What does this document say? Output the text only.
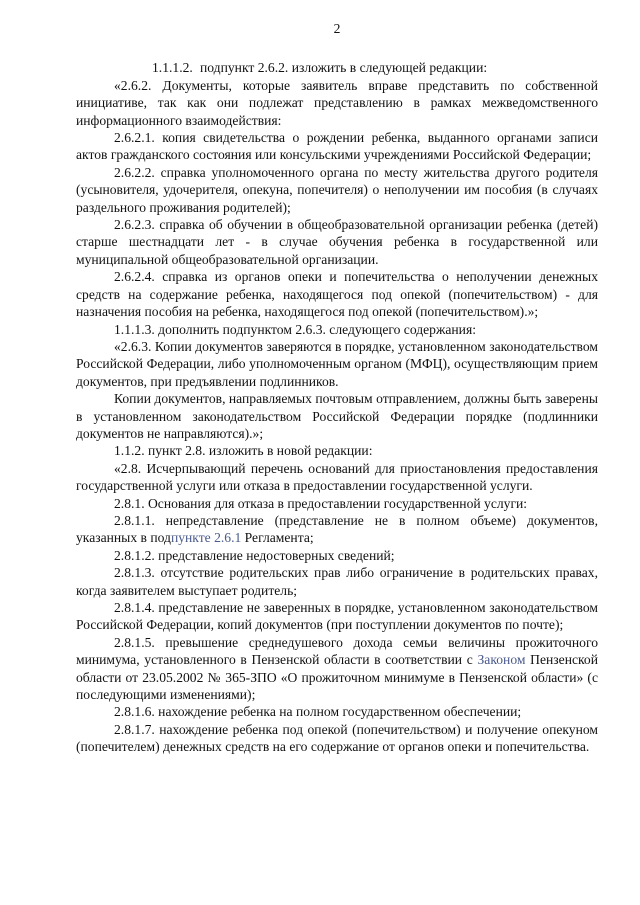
2

1.1.1.2. подпункт 2.6.2. изложить в следующей редакции:

«2.6.2. Документы, которые заявитель вправе представить по собственной инициативе, так как они подлежат представлению в рамках межведомственного информационного взаимодействия:

2.6.2.1. копия свидетельства о рождении ребенка, выданного органами записи актов гражданского состояния или консульскими учреждениями Российской Федерации;

2.6.2.2. справка уполномоченного органа по месту жительства другого родителя (усыновителя, удочерителя, опекуна, попечителя) о неполучении им пособия (в случаях раздельного проживания родителей);

2.6.2.3. справка об обучении в общеобразовательной организации ребенка (детей) старше шестнадцати лет - в случае обучения ребенка в государственной или муниципальной общеобразовательной организации.

2.6.2.4. справка из органов опеки и попечительства о неполучении денежных средств на содержание ребенка, находящегося под опекой (попечительством) - для назначения пособия на ребенка, находящегося под опекой (попечительством).»;

1.1.1.3. дополнить подпунктом 2.6.3. следующего содержания:

«2.6.3. Копии документов заверяются в порядке, установленном законодательством Российской Федерации, либо уполномоченным органом (МФЦ), осуществляющим прием документов, при предъявлении подлинников.

Копии документов, направляемых почтовым отправлением, должны быть заверены в установленном законодательством Российской Федерации порядке (подлинники документов не направляются).»;

1.1.2. пункт 2.8. изложить в новой редакции:

«2.8. Исчерпывающий перечень оснований для приостановления предоставления государственной услуги или отказа в предоставлении государственной услуги.

2.8.1. Основания для отказа в предоставлении государственной услуги:

2.8.1.1. непредставление (представление не в полном объеме) документов, указанных в подпункте 2.6.1 Регламента;

2.8.1.2. представление недостоверных сведений;

2.8.1.3. отсутствие родительских прав либо ограничение в родительских правах, когда заявителем выступает родитель;

2.8.1.4. представление не заверенных в порядке, установленном законодательством Российской Федерации, копий документов (при поступлении документов по почте);

2.8.1.5. превышение среднедушевого дохода семьи величины прожиточного минимума, установленного в Пензенской области в соответствии с Законом Пензенской области от 23.05.2002 № 365-ЗПО «О прожиточном минимуме в Пензенской области» (с последующими изменениями);

2.8.1.6. нахождение ребенка на полном государственном обеспечении;

2.8.1.7. нахождение ребенка под опекой (попечительством) и получение опекуном (попечителем) денежных средств на его содержание от органов опеки и попечительства.
